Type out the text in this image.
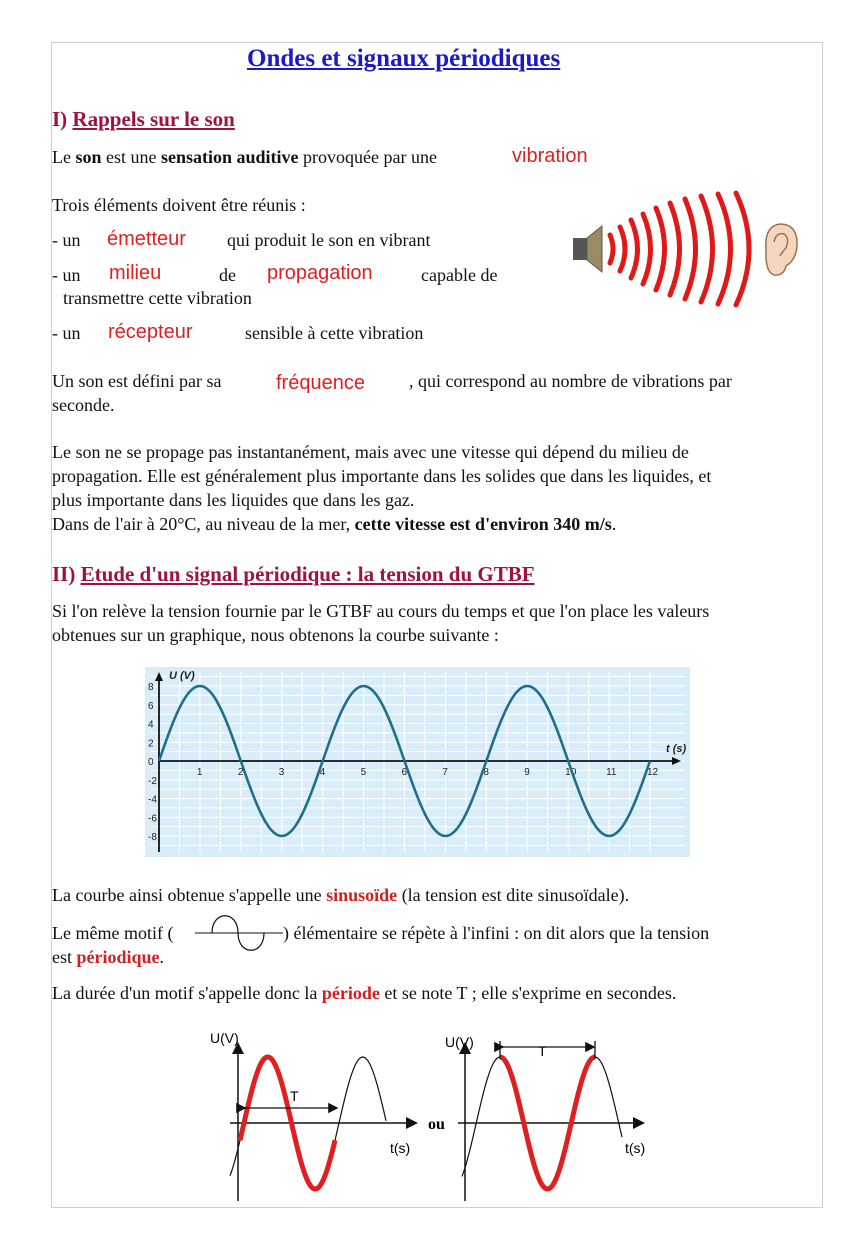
Ondes et signaux périodiques
I) Rappels sur le son
Le son est une sensation auditive provoquée par une	vibration
Trois éléments doivent être réunis :
- un émetteur qui produit le son en vibrant
- un milieu	de propagation	capable de
transmettre cette vibration
- un récepteur	sensible à cette vibration
Un son est défini par sa	fréquence , qui correspond au nombre de vibrations par
seconde.
Le son ne se propage pas instantanément, mais avec une vitesse qui dépend du milieu de
propagation. Elle est généralement plus importante dans les solides que dans les liquides, et
plus importante dans les liquides que dans les gaz.
Dans de l'air à 20°C, au niveau de la mer, cette vitesse est d'environ 340 m/s.
II) Etude d'un signal périodique : la tension du GTBF
Si l'on relève la tension fournie par le GTBF au cours du temps et que l'on place les valeurs
obtenues sur un graphique, nous obtenons la courbe suivante :
1	2	3	4	5	6	7	8	9	10	11	12
8
6
4
2
0
-2
-4
-6
-8
U (V)
t (s)
La courbe ainsi obtenue s'appelle une sinusoïde (la tension est dite sinusoïdale).
Le même motif (	) élémentaire se répète à l'infini : on dit alors que la tension
est périodique.
La durée d'un motif s'appelle donc la période et se note T ; elle s'exprime en secondes.
U(V)
t(s)
T
ou
U(V)
t(s)
T
